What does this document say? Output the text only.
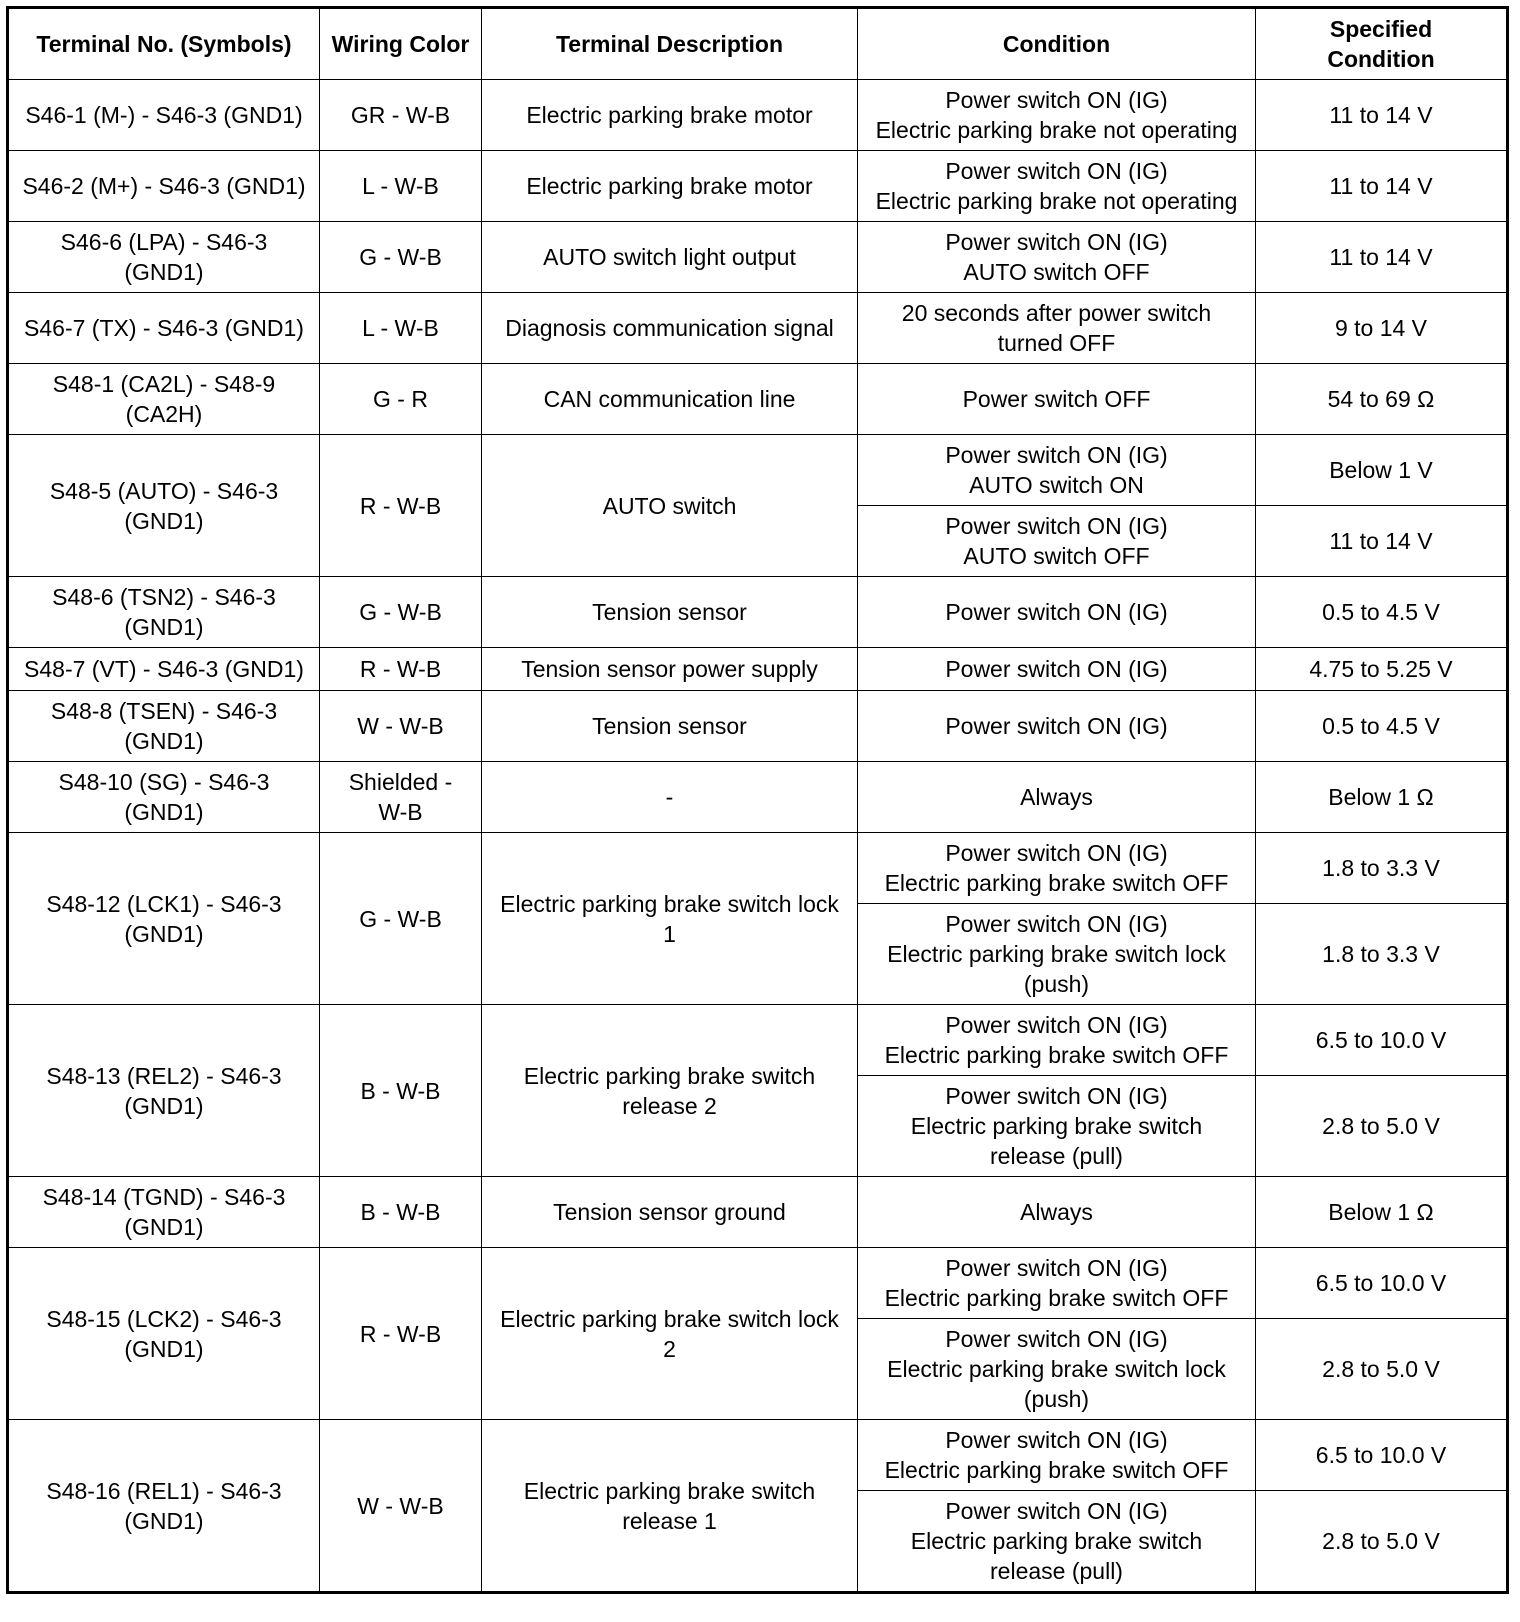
Terminal No. (Symbols)	Wiring Color	Terminal Description	Condition	Specified
Condition
S46-1 (M-) - S46-3 (GND1)	GR - W-B	Electric parking brake motor	Power switch ON (IG)
Electric parking brake not operating	11 to 14 V
S46-2 (M+) - S46-3 (GND1)	L - W-B	Electric parking brake motor	Power switch ON (IG)
Electric parking brake not operating	11 to 14 V
S46-6 (LPA) - S46-3
(GND1)	G - W-B	AUTO switch light output	Power switch ON (IG)
AUTO switch OFF	11 to 14 V
S46-7 (TX) - S46-3 (GND1)	L - W-B	Diagnosis communication signal	20 seconds after power switch
turned OFF	9 to 14 V
S48-1 (CA2L) - S48-9
(CA2H)	G - R	CAN communication line	Power switch OFF	54 to 69 Ω
S48-5 (AUTO) - S46-3
(GND1)	R - W-B	AUTO switch	Power switch ON (IG)
AUTO switch ON	Below 1 V
			Power switch ON (IG)
AUTO switch OFF	11 to 14 V
S48-6 (TSN2) - S46-3
(GND1)	G - W-B	Tension sensor	Power switch ON (IG)	0.5 to 4.5 V
S48-7 (VT) - S46-3 (GND1)	R - W-B	Tension sensor power supply	Power switch ON (IG)	4.75 to 5.25 V
S48-8 (TSEN) - S46-3
(GND1)	W - W-B	Tension sensor	Power switch ON (IG)	0.5 to 4.5 V
S48-10 (SG) - S46-3
(GND1)	Shielded -
W-B	-	Always	Below 1 Ω
S48-12 (LCK1) - S46-3
(GND1)	G - W-B	Electric parking brake switch lock
1	Power switch ON (IG)
Electric parking brake switch OFF	1.8 to 3.3 V
			Power switch ON (IG)
Electric parking brake switch lock
(push)	1.8 to 3.3 V
S48-13 (REL2) - S46-3
(GND1)	B - W-B	Electric parking brake switch
release 2	Power switch ON (IG)
Electric parking brake switch OFF	6.5 to 10.0 V
			Power switch ON (IG)
Electric parking brake switch
release (pull)	2.8 to 5.0 V
S48-14 (TGND) - S46-3
(GND1)	B - W-B	Tension sensor ground	Always	Below 1 Ω
S48-15 (LCK2) - S46-3
(GND1)	R - W-B	Electric parking brake switch lock
2	Power switch ON (IG)
Electric parking brake switch OFF	6.5 to 10.0 V
			Power switch ON (IG)
Electric parking brake switch lock
(push)	2.8 to 5.0 V
S48-16 (REL1) - S46-3
(GND1)	W - W-B	Electric parking brake switch
release 1	Power switch ON (IG)
Electric parking brake switch OFF	6.5 to 10.0 V
			Power switch ON (IG)
Electric parking brake switch
release (pull)	2.8 to 5.0 V
